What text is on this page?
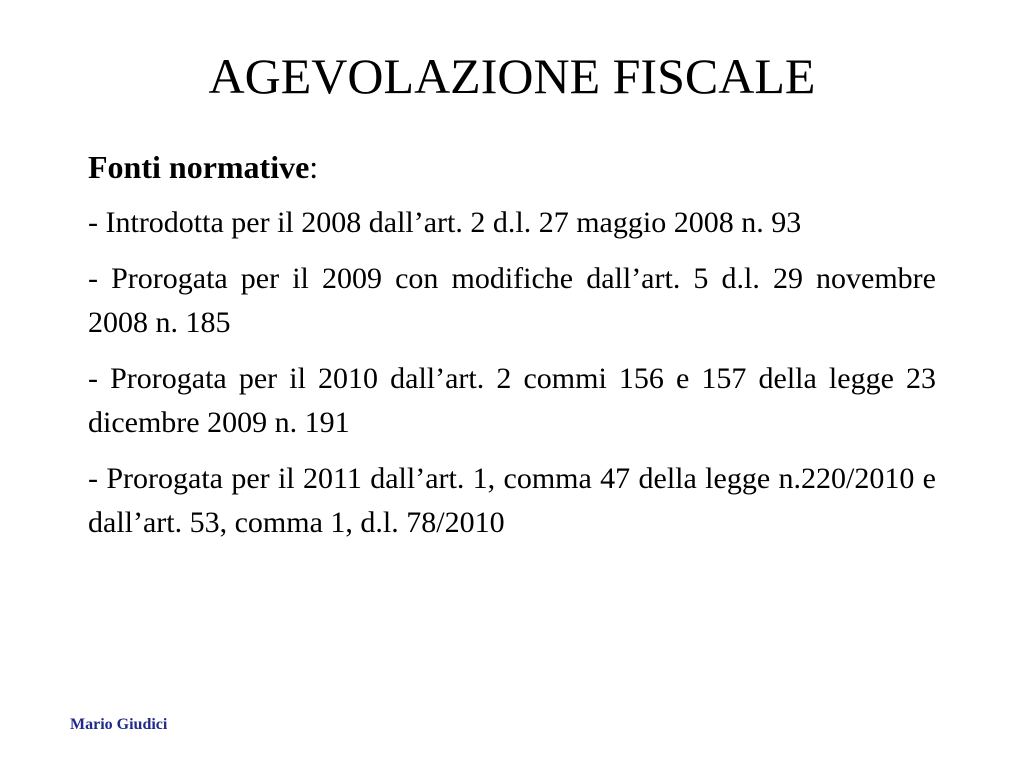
AGEVOLAZIONE FISCALE
Fonti normative:

- Introdotta per il 2008 dall’art. 2 d.l. 27 maggio 2008 n. 93

- Prorogata per il 2009 con modifiche dall’art. 5 d.l. 29 novembre 2008 n. 185

- Prorogata per il 2010 dall’art. 2 commi 156 e 157 della legge 23 dicembre 2009 n. 191

- Prorogata per il 2011 dall’art. 1, comma 47 della legge n.220/2010 e dall’art. 53, comma 1, d.l. 78/2010

Mario Giudici
